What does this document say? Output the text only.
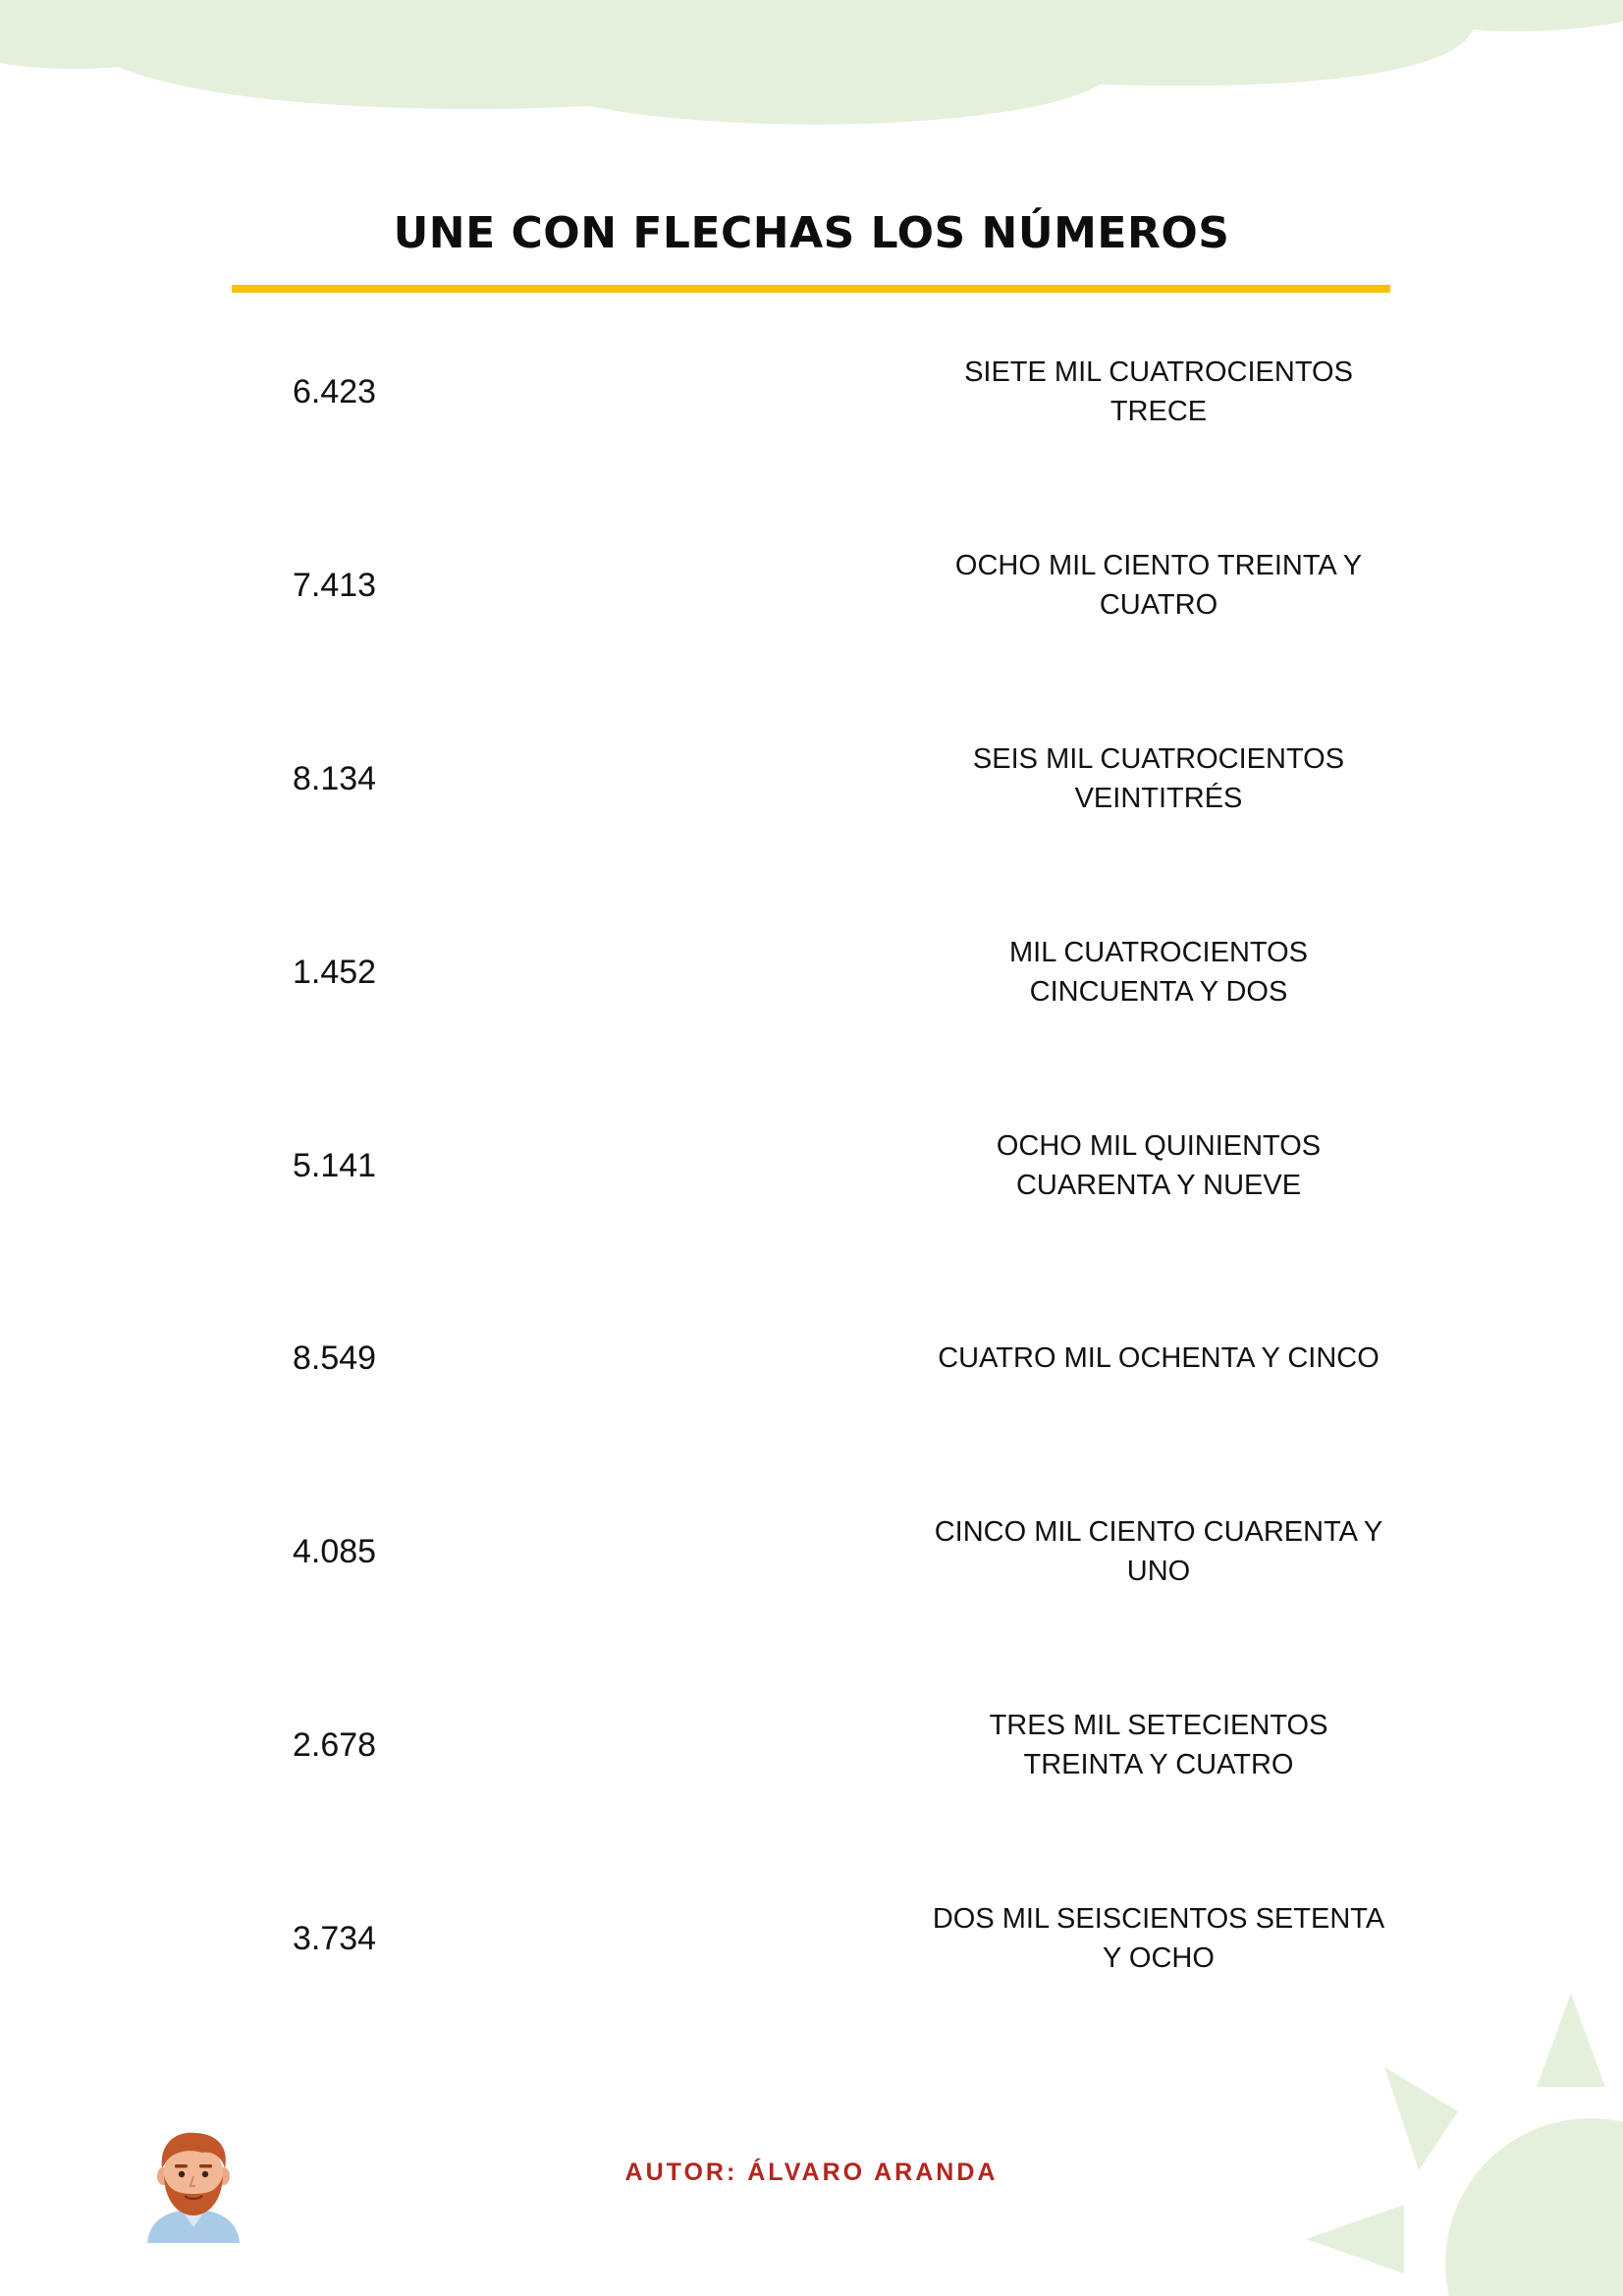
UNE CON FLECHAS LOS NÚMEROS
6.423
SIETE MIL CUATROCIENTOS TRECE
7.413
OCHO MIL CIENTO TREINTA Y CUATRO
8.134
SEIS MIL CUATROCIENTOS VEINTITRÉS
1.452
MIL CUATROCIENTOS CINCUENTA Y DOS
5.141
OCHO MIL QUINIENTOS CUARENTA Y NUEVE
8.549	CUATRO MIL OCHENTA Y CINCO
4.085
CINCO MIL CIENTO CUARENTA Y UNO
2.678
TRES MIL SETECIENTOS TREINTA Y CUATRO
3.734
DOS MIL SEISCIENTOS SETENTA Y OCHO
AUTOR: ÁLVARO ARANDA
